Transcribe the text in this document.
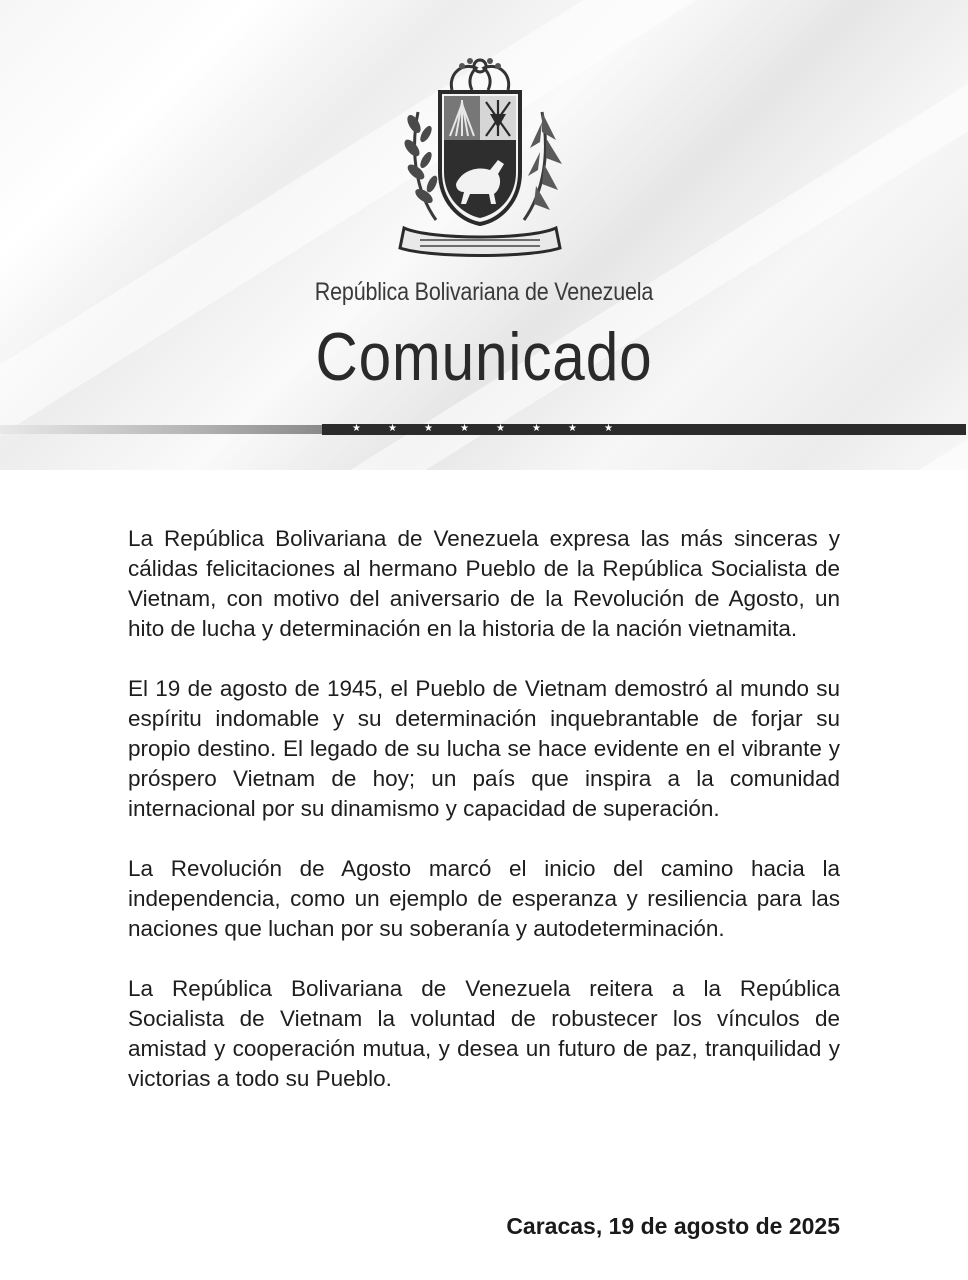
República Bolivariana de Venezuela
Comunicado
★	★	★	★	★	★	★	★

La República Bolivariana de Venezuela expresa las más sinceras y cálidas felicitaciones al hermano Pueblo de la República Socialista de Vietnam, con motivo del aniversario de la Revolución de Agosto, un hito de lucha y determinación en la historia de la nación vietnamita.

El 19 de agosto de 1945, el Pueblo de Vietnam demostró al mundo su espíritu indomable y su determinación inquebrantable de forjar su propio destino. El legado de su lucha se hace evidente en el vibrante y próspero Vietnam de hoy; un país que inspira a la comunidad internacional por su dinamismo y capacidad de superación.

La Revolución de Agosto marcó el inicio del camino hacia la independencia, como un ejemplo de esperanza y resiliencia para las naciones que luchan por su soberanía y autodeterminación.

La República Bolivariana de Venezuela reitera a la República Socialista de Vietnam la voluntad de robustecer los vínculos de amistad y cooperación mutua, y desea un futuro de paz, tranquilidad y victorias a todo su Pueblo.

Caracas, 19 de agosto de 2025
